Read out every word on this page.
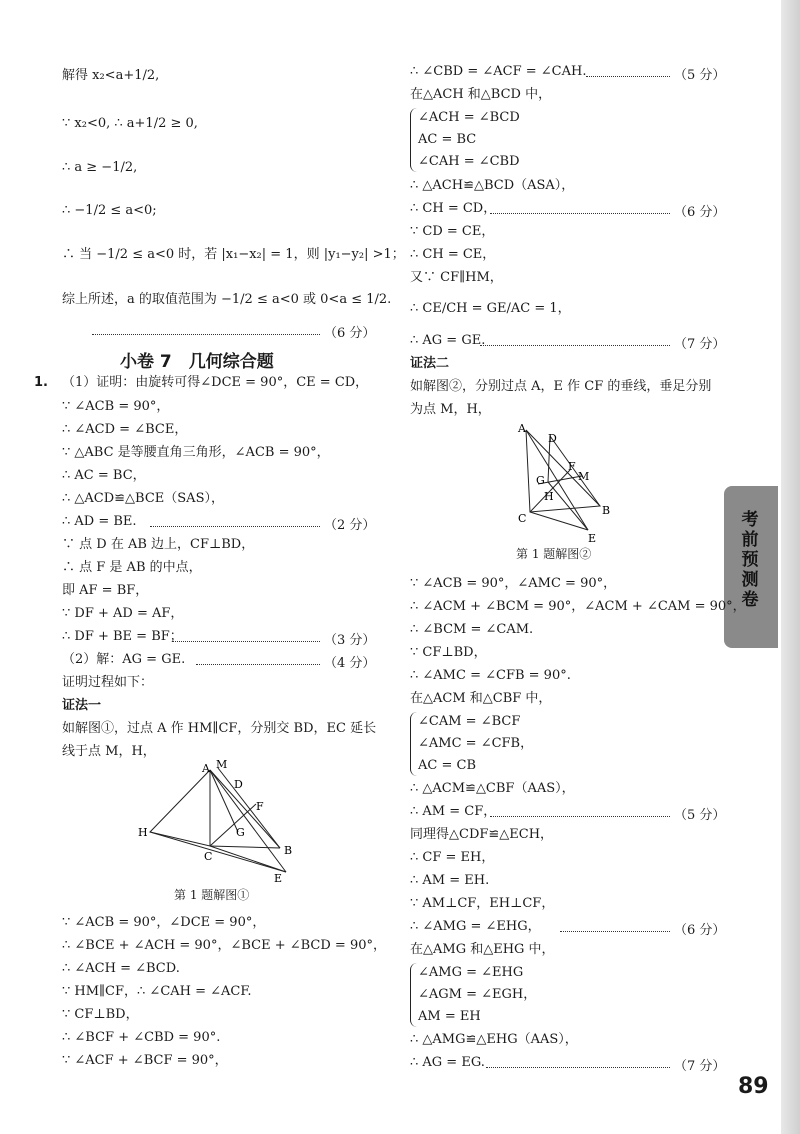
考前预测卷
解得 x₂<a+1/2,
∵ x₂<0, ∴ a+1/2 ≥ 0,
∴ a ≥ −1/2,
∴ −1/2 ≤ a<0;
∴ 当 −1/2 ≤ a<0 时，若 |x₁−x₂| = 1，则 |y₁−y₂| >1；
综上所述，a 的取值范围为 −1/2 ≤ a<0 或 0<a ≤ 1/2.
（6 分）
小卷 7　几何综合题
1. （1）证明：由旋转可得∠DCE = 90°，CE = CD，
∵ ∠ACB = 90°，
∴ ∠ACD = ∠BCE，
∵ △ABC 是等腰直角三角形，∠ACB = 90°，
∴ AC = BC，
∴ △ACD≌△BCE（SAS），
∴ AD = BE.	（2 分）
∵ 点 D 在 AB 边上，CF⊥BD，
∴ 点 F 是 AB 的中点，
即 AF = BF，
∵ DF + AD = AF，
∴ DF + BE = BF；	（3 分）
（2）解：AG = GE.	（4 分）
证明过程如下：
证法一
如解图①，过点 A 作 HM∥CF，分别交 BD，EC 延长
线于点 M，H，
A M
D
F
G
H
C	B
E
第 1 题解图①
∵ ∠ACB = 90°，∠DCE = 90°，
∴ ∠BCE + ∠ACH = 90°，∠BCE + ∠BCD = 90°，
∴ ∠ACH = ∠BCD.
∵ HM∥CF，∴ ∠CAH = ∠ACF.
∵ CF⊥BD，
∴ ∠BCF + ∠CBD = 90°.
∵ ∠ACF + ∠BCF = 90°，
∴ ∠CBD = ∠ACF = ∠CAH.	（5 分）
在△ACH 和△BCD 中，
∠ACH = ∠BCD
AC = BC
∠CAH = ∠CBD
∴ △ACH≌△BCD（ASA），
∴ CH = CD，	（6 分）
∵ CD = CE，
∴ CH = CE，
又∵ CF∥HM，
∴ CE/CH = GE/AC = 1，
∴ AG = GE.	（7 分）
证法二
如解图②，分别过点 A，E 作 CF 的垂线，垂足分别
为点 M，H，
A
D
F
M
G
H
C
B
E
第 1 题解图②
∵ ∠ACB = 90°，∠AMC = 90°，
∴ ∠ACM + ∠BCM = 90°，∠ACM + ∠CAM = 90°，
∴ ∠BCM = ∠CAM.
∵ CF⊥BD，
∴ ∠AMC = ∠CFB = 90°.
在△ACM 和△CBF 中，
∠CAM = ∠BCF
∠AMC = ∠CFB，
AC = CB
∴ △ACM≌△CBF（AAS），
∴ AM = CF，	（5 分）
同理得△CDF≌△ECH，
∴ CF = EH，
∴ AM = EH.
∵ AM⊥CF，EH⊥CF，
∴ ∠AMG = ∠EHG，	（6 分）
在△AMG 和△EHG 中，
∠AMG = ∠EHG
∠AGM = ∠EGH，
AM = EH
∴ △AMG≌△EHG（AAS），
∴ AG = EG.	（7 分）
89
